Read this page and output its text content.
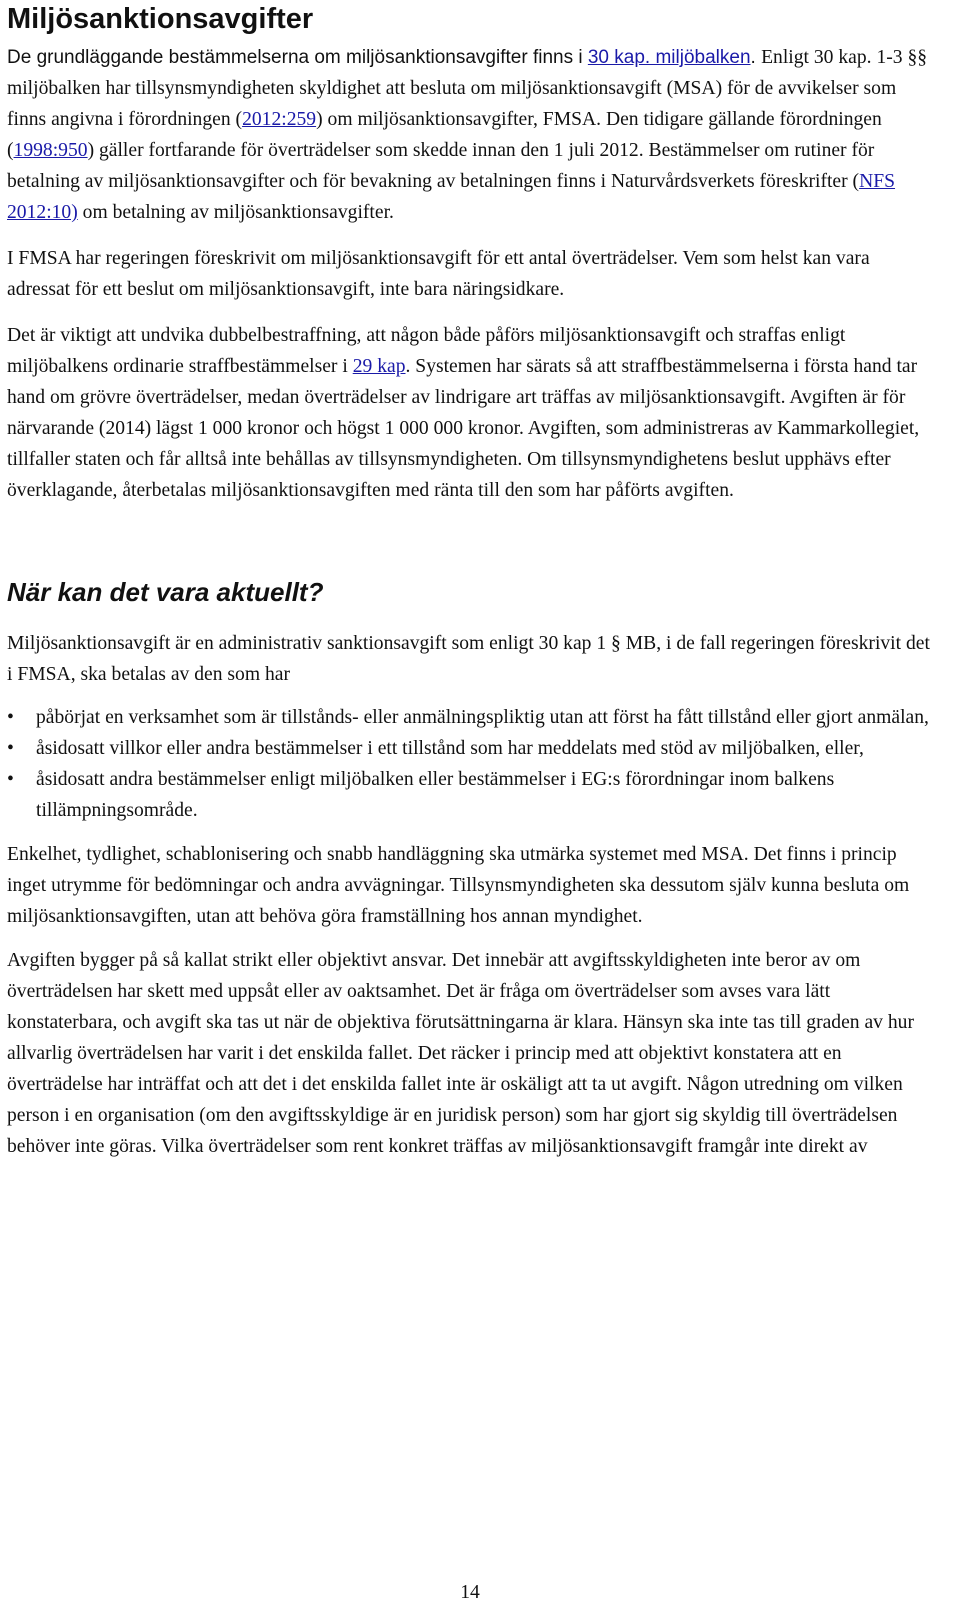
Miljösanktionsavgifter

De grundläggande bestämmelserna om miljösanktionsavgifter finns i 30 kap. miljöbalken. Enligt 30 kap. 1-3 §§ miljöbalken har tillsynsmyndigheten skyldighet att besluta om miljösanktionsavgift (MSA) för de avvikelser som finns angivna i förordningen (2012:259) om miljösanktionsavgifter, FMSA. Den tidigare gällande förordningen (1998:950) gäller fortfarande för överträdelser som skedde innan den 1 juli 2012. Bestämmelser om rutiner för betalning av miljösanktionsavgifter och för bevakning av betalningen finns i Naturvårdsverkets föreskrifter (NFS 2012:10) om betalning av miljösanktionsavgifter.

I FMSA har regeringen föreskrivit om miljösanktionsavgift för ett antal överträdelser. Vem som helst kan vara adressat för ett beslut om miljösanktionsavgift, inte bara näringsidkare.

Det är viktigt att undvika dubbelbestraffning, att någon både påförs miljösanktionsavgift och straffas enligt miljöbalkens ordinarie straffbestämmelser i 29 kap. Systemen har särats så att straffbestämmelserna i första hand tar hand om grövre överträdelser, medan överträdelser av lindrigare art träffas av miljösanktionsavgift. Avgiften är för närvarande (2014) lägst 1 000 kronor och högst 1 000 000 kronor. Avgiften, som administreras av Kammarkollegiet, tillfaller staten och får alltså inte behållas av tillsynsmyndigheten. Om tillsynsmyndighetens beslut upphävs efter överklagande, återbetalas miljösanktionsavgiften med ränta till den som har påförts avgiften.

När kan det vara aktuellt?

Miljösanktionsavgift är en administrativ sanktionsavgift som enligt 30 kap 1 § MB, i de fall regeringen föreskrivit det i FMSA, ska betalas av den som har

• påbörjat en verksamhet som är tillstånds- eller anmälningspliktig utan att först ha fått tillstånd eller gjort anmälan,
• åsidosatt villkor eller andra bestämmelser i ett tillstånd som har meddelats med stöd av miljöbalken, eller,
• åsidosatt andra bestämmelser enligt miljöbalken eller bestämmelser i EG:s förordningar inom balkens tillämpningsområde.

Enkelhet, tydlighet, schablonisering och snabb handläggning ska utmärka systemet med MSA. Det finns i princip inget utrymme för bedömningar och andra avvägningar. Tillsynsmyndigheten ska dessutom själv kunna besluta om miljösanktionsavgiften, utan att behöva göra framställning hos annan myndighet.

Avgiften bygger på så kallat strikt eller objektivt ansvar. Det innebär att avgiftsskyldigheten inte beror av om överträdelsen har skett med uppsåt eller av oaktsamhet. Det är fråga om överträdelser som avses vara lätt konstaterbara, och avgift ska tas ut när de objektiva förutsättningarna är klara. Hänsyn ska inte tas till graden av hur allvarlig överträdelsen har varit i det enskilda fallet. Det räcker i princip med att objektivt konstatera att en överträdelse har inträffat och att det i det enskilda fallet inte är oskäligt att ta ut avgift. Någon utredning om vilken person i en organisation (om den avgiftsskyldige är en juridisk person) som har gjort sig skyldig till överträdelsen behöver inte göras. Vilka överträdelser som rent konkret träffas av miljösanktionsavgift framgår inte direkt av

14
